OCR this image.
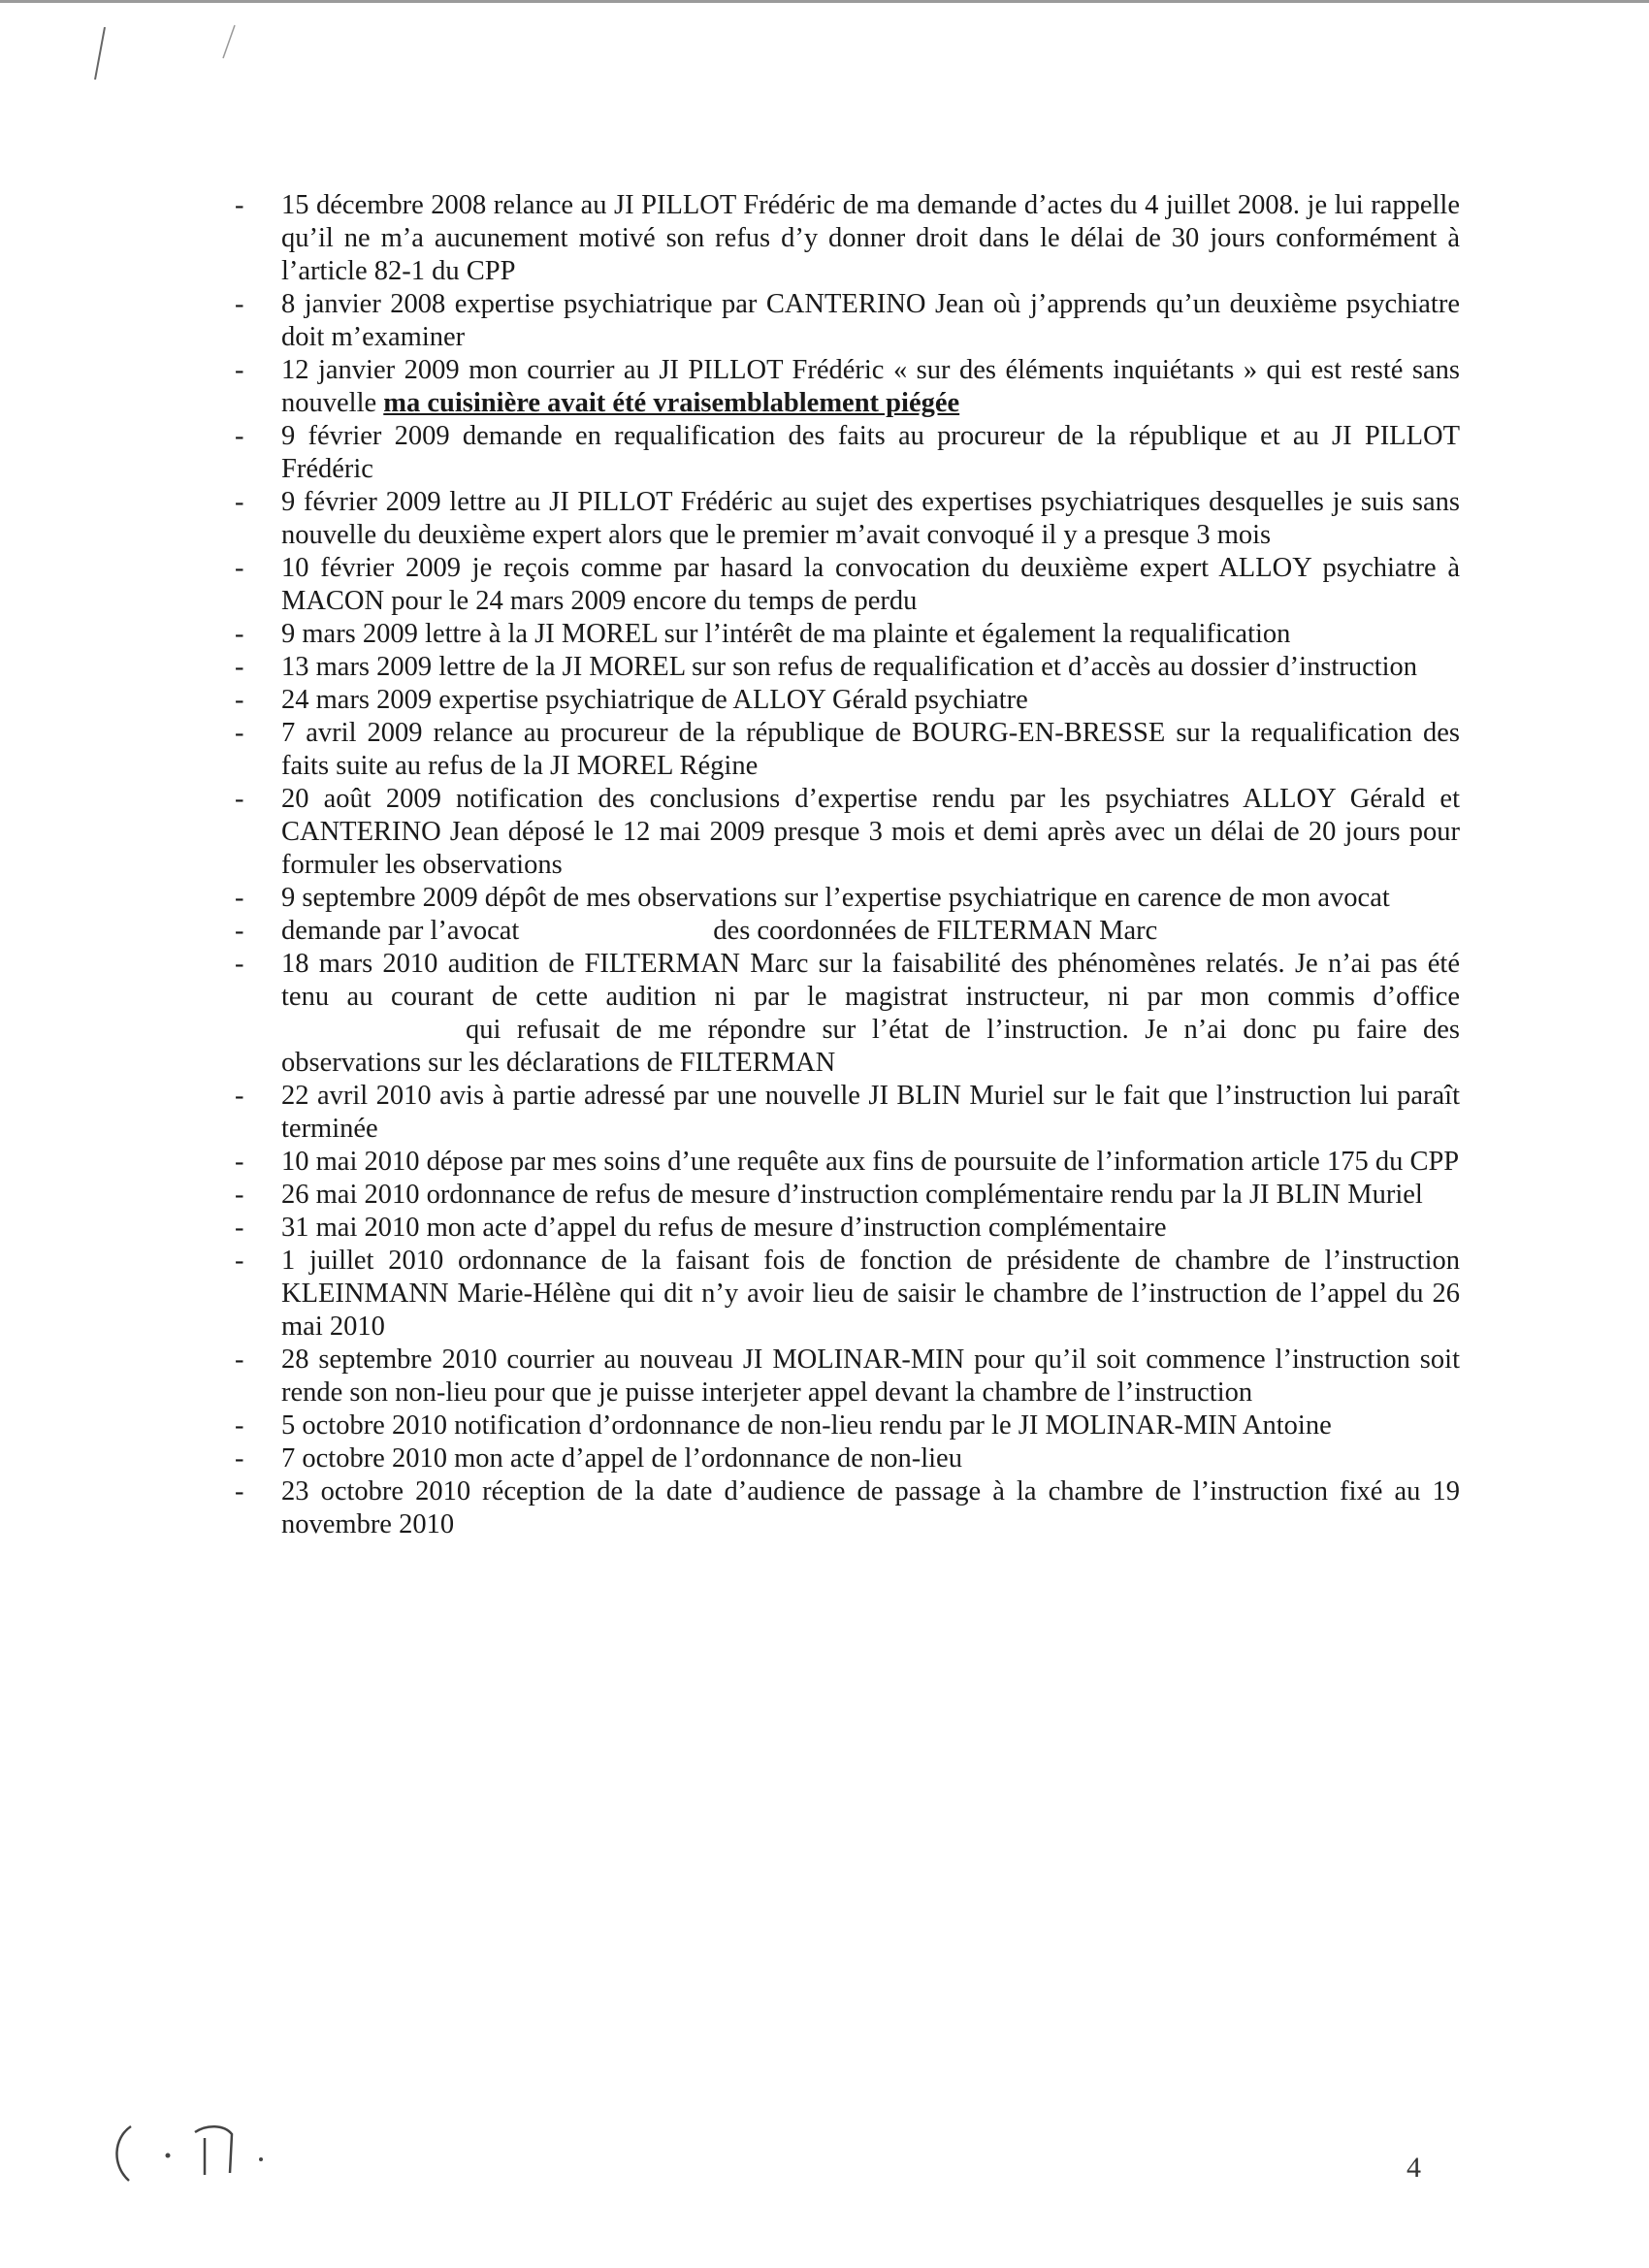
- 15 décembre 2008 relance au JI PILLOT Frédéric de ma demande d’actes du 4 juillet 2008. je lui rappelle qu’il ne m’a aucunement motivé son refus d’y donner droit dans le délai de 30 jours conformément à l’article 82-1 du CPP
- 8 janvier 2008 expertise psychiatrique par CANTERINO Jean où j’apprends qu’un deuxième psychiatre doit m’examiner
- 12 janvier 2009 mon courrier au JI PILLOT Frédéric « sur des éléments inquiétants » qui est resté sans nouvelle ma cuisinière avait été vraisemblablement piégée
- 9 février 2009 demande en requalification des faits au procureur de la république et au JI PILLOT Frédéric
- 9 février 2009 lettre au JI PILLOT Frédéric au sujet des expertises psychiatriques desquelles je suis sans nouvelle du deuxième expert alors que le premier m’avait convoqué il y a presque 3 mois
- 10 février 2009 je reçois comme par hasard la convocation du deuxième expert ALLOY psychiatre à MACON pour le 24 mars 2009 encore du temps de perdu
- 9 mars 2009 lettre à la JI MOREL sur l’intérêt de ma plainte et également la requalification
- 13 mars 2009 lettre de la JI MOREL sur son refus de requalification et d’accès au dossier d’instruction
- 24 mars 2009 expertise psychiatrique de ALLOY Gérald psychiatre
- 7 avril 2009 relance au procureur de la république de BOURG-EN-BRESSE sur la requalification des faits suite au refus de la JI MOREL Régine
- 20 août 2009 notification des conclusions d’expertise rendu par les psychiatres ALLOY Gérald et CANTERINO Jean déposé le 12 mai 2009 presque 3 mois et demi après avec un délai de 20 jours pour formuler les observations
- 9 septembre 2009 dépôt de mes observations sur l’expertise psychiatrique en carence de mon avocat
- demande par l’avocat	des coordonnées de FILTERMAN Marc
- 18 mars 2010 audition de FILTERMAN Marc sur la faisabilité des phénomènes relatés. Je n’ai pas été tenu au courant de cette audition ni par le magistrat instructeur, ni par mon commis d’officequi refusait de me répondre sur l’état de l’instruction. Je n’ai donc pu faire des observations sur les déclarations de FILTERMAN
- 22 avril 2010 avis à partie adressé par une nouvelle JI BLIN Muriel sur le fait que l’instruction lui paraît terminée
- 10 mai 2010 dépose par mes soins d’une requête aux fins de poursuite de l’information article 175 du CPP
- 26 mai 2010 ordonnance de refus de mesure d’instruction complémentaire rendu par la JI BLIN Muriel
- 31 mai 2010 mon acte d’appel du refus de mesure d’instruction complémentaire
- 1 juillet 2010 ordonnance de la faisant fois de fonction de présidente de chambre de l’instruction KLEINMANN Marie-Hélène qui dit n’y avoir lieu de saisir le chambre de l’instruction de l’appel du 26 mai 2010
- 28 septembre 2010 courrier au nouveau JI MOLINAR-MIN pour qu’il soit commence l’instruction soit rende son non-lieu pour que je puisse interjeter appel devant la chambre de l’instruction
- 5 octobre 2010 notification d’ordonnance de non-lieu rendu par le JI MOLINAR-MIN Antoine
- 7 octobre 2010 mon acte d’appel de l’ordonnance de non-lieu
- 23 octobre 2010 réception de la date d’audience de passage à la chambre de l’instruction fixé au 19 novembre 2010
4
